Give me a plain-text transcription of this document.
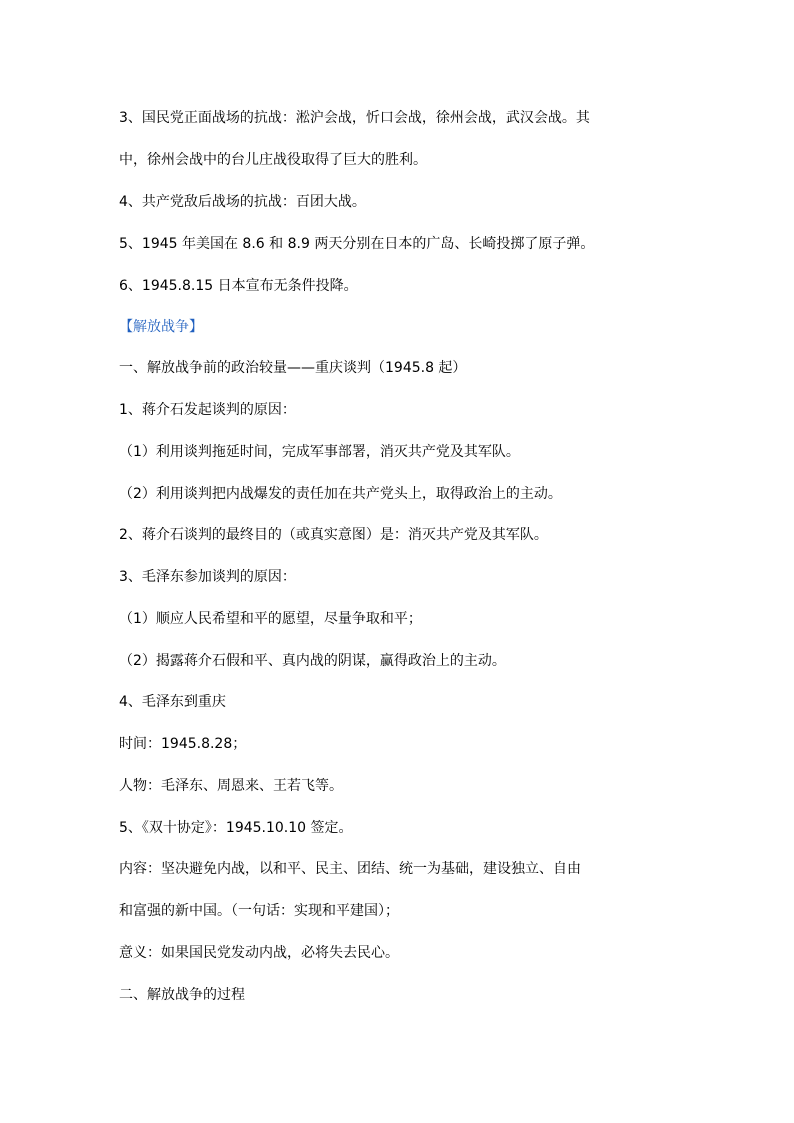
3、国民党正面战场的抗战：淞沪会战，忻口会战，徐州会战，武汉会战。其
中，徐州会战中的台儿庄战役取得了巨大的胜利。
4、共产党敌后战场的抗战：百团大战。
5、1945 年美国在 8.6 和 8.9 两天分别在日本的广岛、长崎投掷了原子弹。
6、1945.8.15 日本宣布无条件投降。
【解放战争】
一、解放战争前的政治较量——重庆谈判（1945.8 起）
1、蒋介石发起谈判的原因：
（1）利用谈判拖延时间，完成军事部署，消灭共产党及其军队。
（2）利用谈判把内战爆发的责任加在共产党头上，取得政治上的主动。
2、蒋介石谈判的最终目的（或真实意图）是：消灭共产党及其军队。
3、毛泽东参加谈判的原因：
（1）顺应人民希望和平的愿望，尽量争取和平；
（2）揭露蒋介石假和平、真内战的阴谋，赢得政治上的主动。
4、毛泽东到重庆
时间：1945.8.28；
人物：毛泽东、周恩来、王若飞等。
5、《双十协定》：1945.10.10 签定。
内容：坚决避免内战，以和平、民主、团结、统一为基础，建设独立、自由
和富强的新中国。（一句话：实现和平建国）；
意义：如果国民党发动内战，必将失去民心。
二、解放战争的过程
